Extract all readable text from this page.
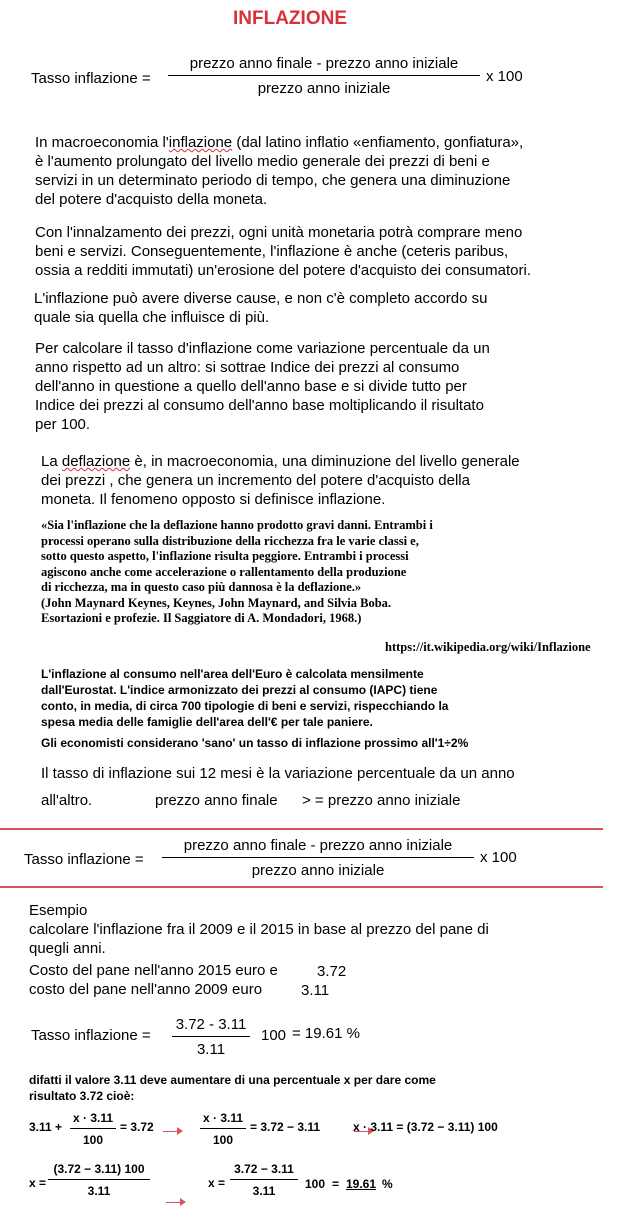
INFLAZIONE
Tasso inflazione =
prezzo anno finale - prezzo anno iniziale
prezzo anno iniziale
x 100
In macroeconomia l'inflazione (dal latino inflatio «enfiamento, gonfiatura»,
è l'aumento prolungato del livello medio generale dei prezzi di beni e
servizi in un determinato periodo di tempo, che genera una diminuzione
del potere d'acquisto della moneta.
Con l'innalzamento dei prezzi, ogni unità monetaria potrà comprare meno
beni e servizi. Conseguentemente, l'inflazione è anche (ceteris paribus,
ossia a redditi immutati) un'erosione del potere d'acquisto dei consumatori.
L'inflazione può avere diverse cause, e non c'è completo accordo su
quale sia quella che influisce di più.
Per calcolare il tasso d'inflazione come variazione percentuale da un
anno rispetto ad un altro: si sottrae Indice dei prezzi al consumo
dell'anno in questione a quello dell'anno base e si divide tutto per
Indice dei prezzi al consumo dell'anno base moltiplicando il risultato
per 100.
La deflazione è, in macroeconomia, una diminuzione del livello generale
dei prezzi , che genera un incremento del potere d'acquisto della
moneta. Il fenomeno opposto si definisce inflazione.
«Sia l'inflazione che la deflazione hanno prodotto gravi danni. Entrambi i
processi operano sulla distribuzione della ricchezza fra le varie classi e,
sotto questo aspetto, l'inflazione risulta peggiore. Entrambi i processi
agiscono anche come accelerazione o rallentamento della produzione
di ricchezza, ma in questo caso più dannosa è la deflazione.»
(John Maynard Keynes, Keynes, John Maynard, and Silvia Boba.
Esortazioni e profezie. Il Saggiatore di A. Mondadori, 1968.)
https://it.wikipedia.org/wiki/Inflazione
L'inflazione al consumo nell'area dell'Euro è calcolata mensilmente
dall'Eurostat. L'indice armonizzato dei prezzi al consumo (IAPC) tiene
conto, in media, di circa 700 tipologie di beni e servizi, rispecchiando la
spesa media delle famiglie dell'area dell'€ per tale paniere.
Gli economisti considerano 'sano' un tasso di inflazione prossimo all'1÷2%
Il tasso di inflazione sui 12 mesi è la variazione percentuale da un anno
all'altro.	prezzo anno finale > = prezzo anno iniziale
Tasso inflazione =
prezzo anno finale - prezzo anno iniziale
prezzo anno iniziale
x 100
Esempio
calcolare l'inflazione fra il 2009 e il 2015 in base al prezzo del pane di
quegli anni.
Costo del pane nell'anno 2015 euro e	3.72
costo del pane nell'anno 2009 euro	3.11
Tasso inflazione =
3.72 - 3.11
3.11
100 = 19.61 %
difatti il valore 3.11 deve aumentare di una percentuale x per dare come
risultato 3.72 cioè:
3.11 +
x · 3.11
100
= 3.72

x · 3.11
100
= 3.72 − 3.11	x · 3.11 = (3.72 − 3.11) 100
x =
(3.72 − 3.11) 100
3.11
x =
3.72 − 3.11
3.11	100 = 19.61 %
